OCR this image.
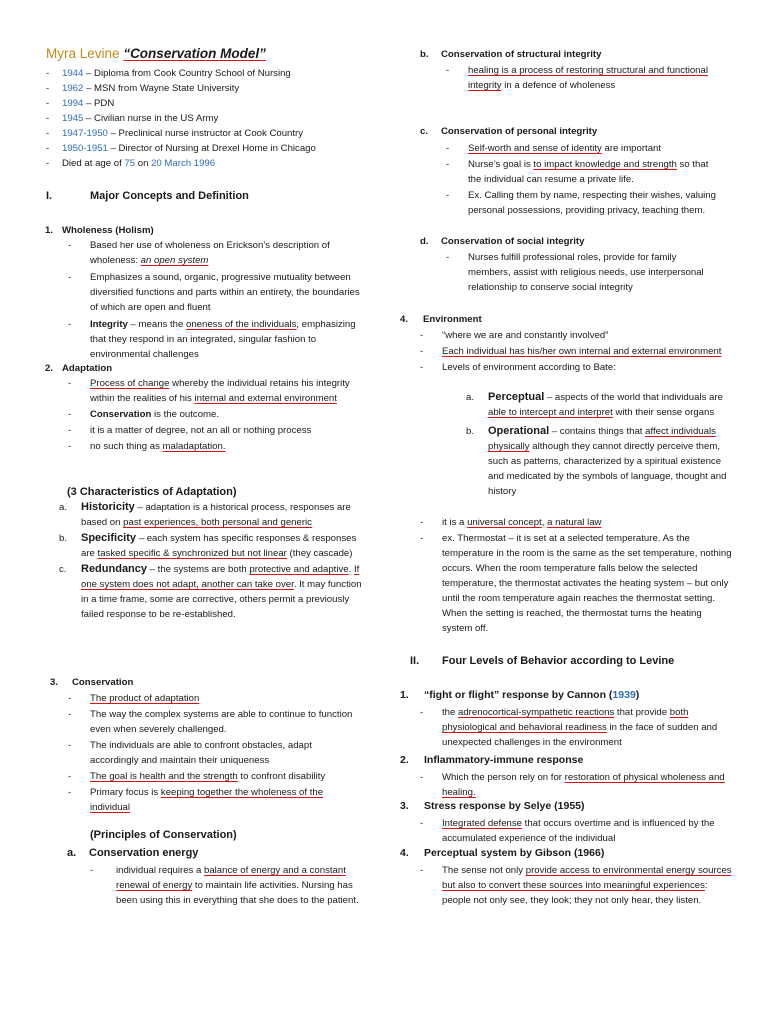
Myra Levine “Conservation Model”
- 1944 – Diploma from Cook Country School of Nursing
- 1962 – MSN from Wayne State University
- 1994 – PDN
- 1945 – Civilian nurse in the US Army
- 1947-1950 – Preclinical nurse instructor at Cook Country
- 1950-1951 – Director of Nursing at Drexel Home in Chicago
- Died at age of 75 on 20 March 1996
I.	Major Concepts and Definition
1. Wholeness (Holism)
- Based her use of wholeness on Erickson’s description of wholeness: an open system
- Emphasizes a sound, organic, progressive mutuality between diversified functions and parts within an entirety, the boundaries of which are open and fluent
- Integrity – means the oneness of the individuals, emphasizing that they respond in an integrated, singular fashion to environmental challenges
2. Adaptation
- Process of change whereby the individual retains his integrity within the realities of his internal and external environment
- Conservation is the outcome.
- it is a matter of degree, not an all or nothing process
- no such thing as maladaptation.
(3 Characteristics of Adaptation)
a. Historicity – adaptation is a historical process, responses are based on past experiences, both personal and generic
b. Specificity – each system has specific responses & responses are tasked specific & synchronized but not linear (they cascade)
c. Redundancy – the systems are both protective and adaptive. If one system does not adapt, another can take over. It may function in a time frame, some are corrective, others permit a previously failed response to be re-established.
3. Conservation
- The product of adaptation
- The way the complex systems are able to continue to function even when severely challenged.
- The individuals are able to confront obstacles, adapt accordingly and maintain their uniqueness
- The goal is health and the strength to confront disability
- Primary focus is keeping together the wholeness of the individual
(Principles of Conservation)
a. Conservation energy
- individual requires a balance of energy and a constant renewal of energy to maintain life activities. Nursing has been using this in everything that she does to the patient.
b. Conservation of structural integrity
- healing is a process of restoring structural and functional integrity in a defence of wholeness
c. Conservation of personal integrity
- Self-worth and sense of identity are important
- Nurse’s goal is to impact knowledge and strength so that the individual can resume a private life.
- Ex. Calling them by name, respecting their wishes, valuing personal possessions, providing privacy, teaching them.
d. Conservation of social integrity
- Nurses fulfill professional roles, provide for family members, assist with religious needs, use interpersonal relationship to conserve social integrity
4. Environment
- “where we are and constantly involved”
- Each individual has his/her own internal and external environment
- Levels of environment according to Bate:
a. Perceptual – aspects of the world that individuals are able to intercept and interpret with their sense organs
b. Operational – contains things that affect individuals physically although they cannot directly perceive them, such as patterns, characterized by a spiritual existence and medicated by the symbols of language, thought and history
- it is a universal concept, a natural law
- ex. Thermostat – it is set at a selected temperature. As the temperature in the room is the same as the set temperature, nothing occurs. When the room temperature falls below the selected temperature, the thermostat activates the heating system – but only until the room temperature again reaches the thermostat setting. When the setting is reached, the thermostat turns the heating system off.
II. Four Levels of Behavior according to Levine
1. “fight or flight” response by Cannon (1939)
- the adrenocortical-sympathetic reactions that provide both physiological and behavioral readiness in the face of sudden and unexpected challenges in the environment
2. Inflammatory-immune response
- Which the person rely on for restoration of physical wholeness and healing.
3. Stress response by Selye (1955)
- Integrated defense that occurs overtime and is influenced by the accumulated experience of the individual
4. Perceptual system by Gibson (1966)
- The sense not only provide access to environmental energy sources but also to convert these sources into meaningful experiences: people not only see, they look; they not only hear, they listen.
